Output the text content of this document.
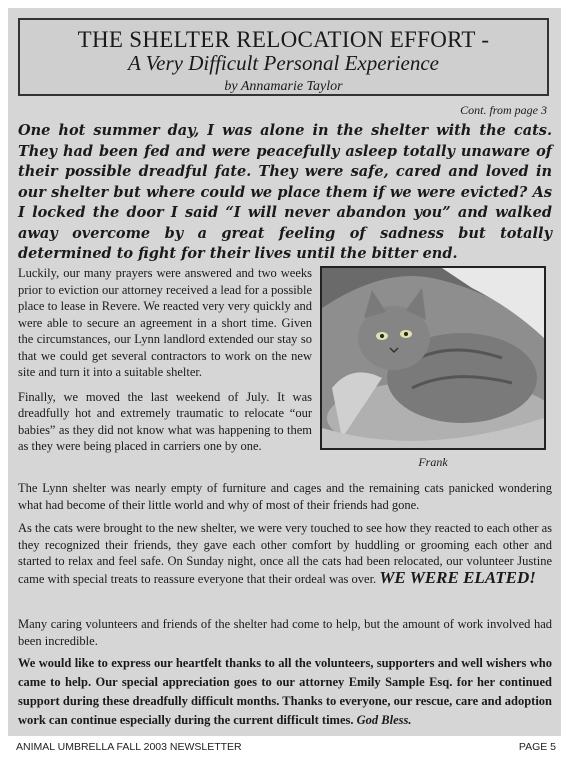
THE SHELTER RELOCATION EFFORT -
A Very Difficult Personal Experience
by Annamarie Taylor
Cont. from page 3
One hot summer day, I was alone in the shelter with the cats. They had been fed and were peacefully asleep totally unaware of their possible dreadful fate. They were safe, cared and loved in our shelter but where could we place them if we were evicted? As I locked the door I said “I will never abandon you” and walked away overcome by a great feeling of sadness but totally determined to fight for their lives until the bitter end.

Luckily, our many prayers were answered and two weeks prior to eviction our attorney received a lead for a possible place to lease in Revere. We reacted very very quickly and were able to secure an agreement in a short time. Given the circumstances, our Lynn landlord extended our stay so that we could get several contractors to work on the new site and turn it into a suitable shelter.

Finally, we moved the last weekend of July. It was dreadfully hot and extremely traumatic to relocate “our babies” as they did not know what was happening to them as they were being placed in carriers one by one.

Frank
The Lynn shelter was nearly empty of furniture and cages and the remaining cats panicked wondering what had become of their little world and why of most of their friends had gone.
As the cats were brought to the new shelter, we were very touched to see how they reacted to each other as they recognized their friends, they gave each other comfort by huddling or grooming each other and started to relax and feel safe. On Sunday night, once all the cats had been relocated, our volunteer Justine came with special treats to reassure everyone that their ordeal was over. WE WERE ELATED!
Many caring volunteers and friends of the shelter had come to help, but the amount of work involved had been incredible.
We would like to express our heartfelt thanks to all the volunteers, supporters and well wishers who came to help. Our special appreciation goes to our attorney Emily Sample Esq. for her continued support during these dreadfully difficult months. Thanks to everyone, our rescue, care and adoption work can continue especially during the current difficult times. God Bless.
ANIMAL UMBRELLA FALL 2003 NEWSLETTER	PAGE 5
